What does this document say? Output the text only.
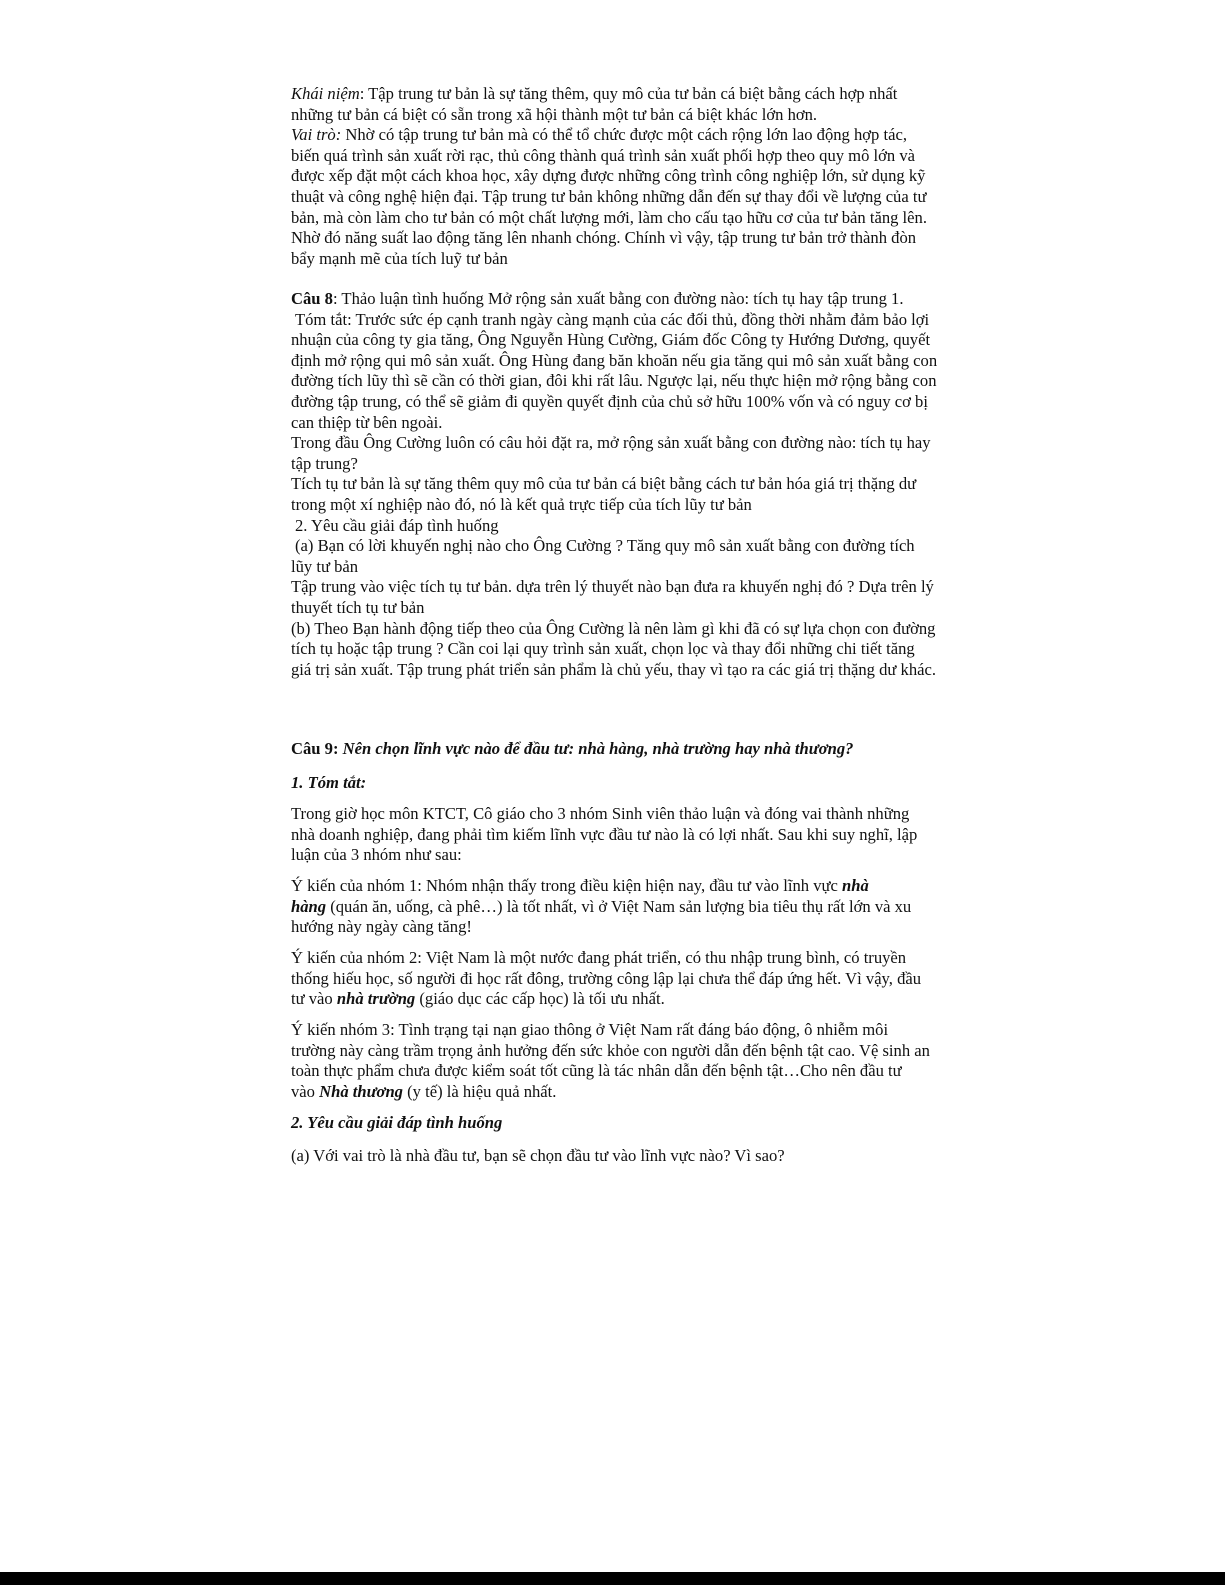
Khái niệm: Tập trung tư bản là sự tăng thêm, quy mô của tư bản cá biệt bằng cách hợp nhất
những tư bản cá biệt có sẵn trong xã hội thành một tư bản cá biệt khác lớn hơn.
Vai trò: Nhờ có tập trung tư bản mà có thể tổ chức được một cách rộng lớn lao động hợp tác,
biến quá trình sản xuất rời rạc, thủ công thành quá trình sản xuất phối hợp theo quy mô lớn và
được xếp đặt một cách khoa học, xây dựng được những công trình công nghiệp lớn, sử dụng kỹ
thuật và công nghệ hiện đại. Tập trung tư bản không những dẫn đến sự thay đổi về lượng của tư
bản, mà còn làm cho tư bản có một chất lượng mới, làm cho cấu tạo hữu cơ của tư bản tăng lên.
Nhờ đó năng suất lao động tăng lên nhanh chóng. Chính vì vậy, tập trung tư bản trở thành đòn
bẩy mạnh mẽ của tích luỹ tư bản
Câu 8: Thảo luận tình huống Mở rộng sản xuất bằng con đường nào: tích tụ hay tập trung 1.
Tóm tắt: Trước sức ép cạnh tranh ngày càng mạnh của các đối thủ, đồng thời nhằm đảm bảo lợi
nhuận của công ty gia tăng, Ông Nguyễn Hùng Cường, Giám đốc Công ty Hướng Dương, quyết
định mở rộng qui mô sản xuất. Ông Hùng đang băn khoăn nếu gia tăng qui mô sản xuất bằng con
đường tích lũy thì sẽ cần có thời gian, đôi khi rất lâu. Ngược lại, nếu thực hiện mở rộng bằng con
đường tập trung, có thể sẽ giảm đi quyền quyết định của chủ sở hữu 100% vốn và có nguy cơ bị
can thiệp từ bên ngoài.
Trong đầu Ông Cường luôn có câu hỏi đặt ra, mở rộng sản xuất bằng con đường nào: tích tụ hay
tập trung?
Tích tụ tư bản là sự tăng thêm quy mô của tư bản cá biệt bằng cách tư bản hóa giá trị thặng dư
trong một xí nghiệp nào đó, nó là kết quả trực tiếp của tích lũy tư bản
2. Yêu cầu giải đáp tình huống
(a) Bạn có lời khuyến nghị nào cho Ông Cường ? Tăng quy mô sản xuất bằng con đường tích
lũy tư bản
Tập trung vào việc tích tụ tư bản. dựa trên lý thuyết nào bạn đưa ra khuyến nghị đó ? Dựa trên lý
thuyết tích tụ tư bản
(b) Theo Bạn hành động tiếp theo của Ông Cường là nên làm gì khi đã có sự lựa chọn con đường
tích tụ hoặc tập trung ? Cần coi lại quy trình sản xuất, chọn lọc và thay đổi những chi tiết tăng
giá trị sản xuất. Tập trung phát triển sản phẩm là chủ yếu, thay vì tạo ra các giá trị thặng dư khác.
Câu 9: Nên chọn lĩnh vực nào để đầu tư: nhà hàng, nhà trường hay nhà thương?
1. Tóm tắt:
Trong giờ học môn KTCT, Cô giáo cho 3 nhóm Sinh viên thảo luận và đóng vai thành những
nhà doanh nghiệp, đang phải tìm kiếm lĩnh vực đầu tư nào là có lợi nhất. Sau khi suy nghĩ, lập
luận của 3 nhóm như sau:
Ý kiến của nhóm 1: Nhóm nhận thấy trong điều kiện hiện nay, đầu tư vào lĩnh vực nhà
hàng (quán ăn, uống, cà phê…) là tốt nhất, vì ở Việt Nam sản lượng bia tiêu thụ rất lớn và xu
hướng này ngày càng tăng!
Ý kiến của nhóm 2: Việt Nam là một nước đang phát triển, có thu nhập trung bình, có truyền
thống hiếu học, số người đi học rất đông, trường công lập lại chưa thể đáp ứng hết. Vì vậy, đầu
tư vào nhà trường (giáo dục các cấp học) là tối ưu nhất.
Ý kiến nhóm 3: Tình trạng tại nạn giao thông ở Việt Nam rất đáng báo động, ô nhiễm môi
trường này càng trầm trọng ảnh hưởng đến sức khỏe con người dẫn đến bệnh tật cao. Vệ sinh an
toàn thực phẩm chưa được kiểm soát tốt cũng là tác nhân dẫn đến bệnh tật…Cho nên đầu tư
vào Nhà thương (y tế) là hiệu quả nhất.
2. Yêu cầu giải đáp tình huống
(a) Với vai trò là nhà đầu tư, bạn sẽ chọn đầu tư vào lĩnh vực nào? Vì sao?
